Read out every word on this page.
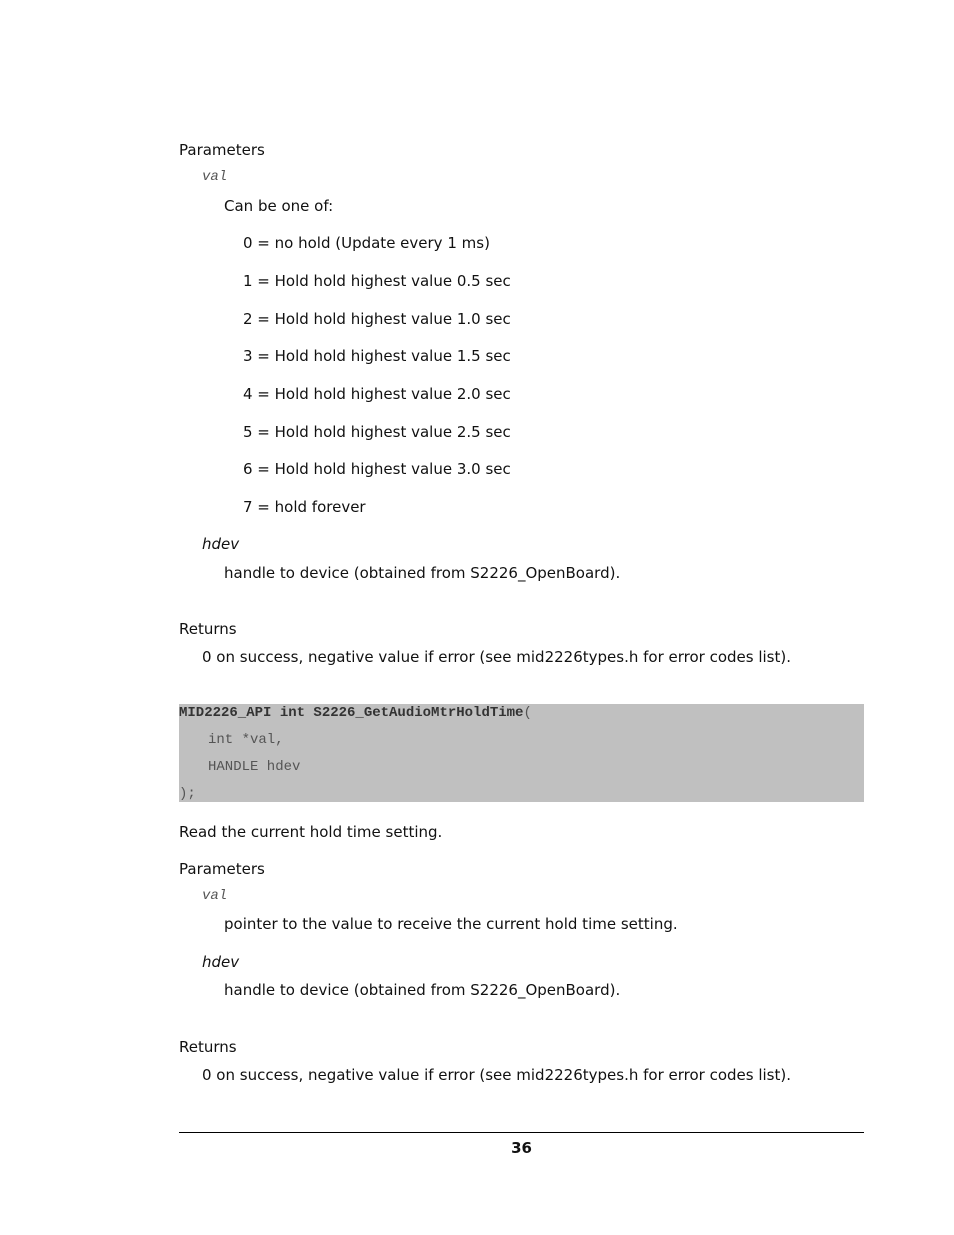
Parameters
val
Can be one of:
0 = no hold (Update every 1 ms)
1 = Hold hold highest value 0.5 sec
2 = Hold hold highest value 1.0 sec
3 = Hold hold highest value 1.5 sec
4 = Hold hold highest value 2.0 sec
5 = Hold hold highest value 2.5 sec
6 = Hold hold highest value 3.0 sec
7 = hold forever
hdev
handle to device (obtained from S2226_OpenBoard).
Returns
0 on success, negative value if error (see mid2226types.h for error codes list).
MID2226_API int S2226_GetAudioMtrHoldTime(
int *val,
HANDLE hdev
);
Read the current hold time setting.
Parameters
val
pointer to the value to receive the current hold time setting.
hdev
handle to device (obtained from S2226_OpenBoard).
Returns
0 on success, negative value if error (see mid2226types.h for error codes list).
36
